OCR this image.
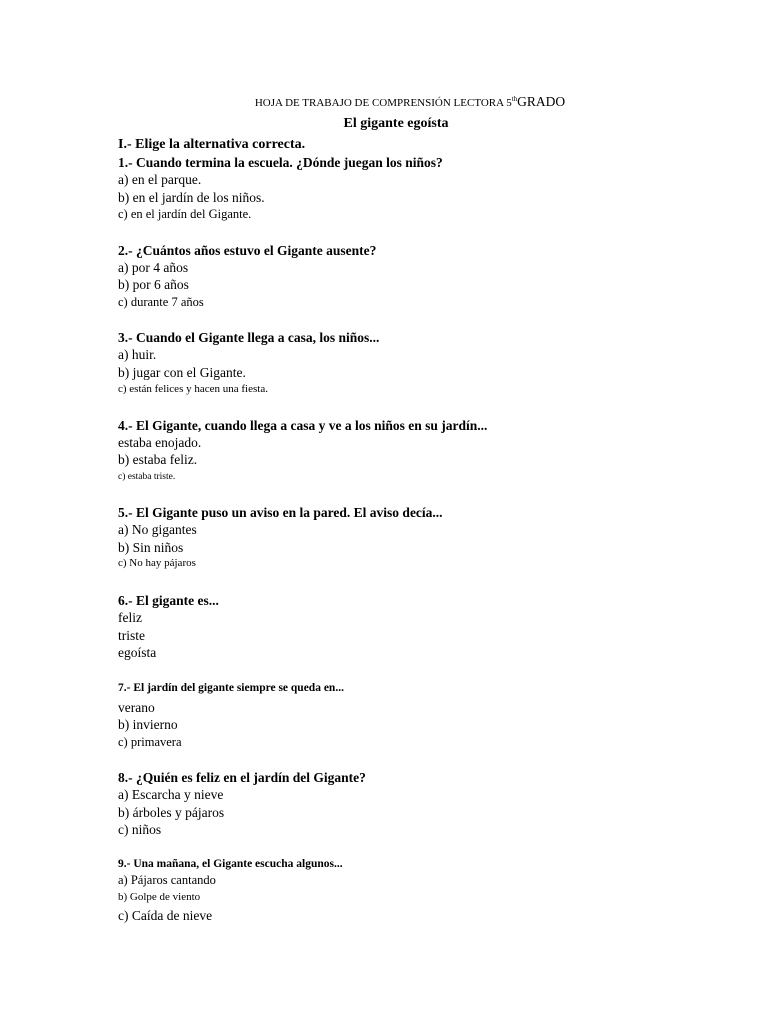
HOJA DE TRABAJO DE COMPRENSIÓN LECTORA 5thGRADO
El gigante egoísta
I.- Elige la alternativa correcta.
1.- Cuando termina la escuela. ¿Dónde juegan los niños?
a) en el parque.
b) en el jardín de los niños.
c) en el jardín del Gigante.
2.- ¿Cuántos años estuvo el Gigante ausente?
a) por 4 años
b) por 6 años
c) durante 7 años
3.- Cuando el Gigante llega a casa, los niños...
a) huir.
b) jugar con el Gigante.
c) están felices y hacen una fiesta.
4.- El Gigante, cuando llega a casa y ve a los niños en su jardín...
estaba enojado.
b) estaba feliz.
c) estaba triste.
5.- El Gigante puso un aviso en la pared. El aviso decía...
a) No gigantes
b) Sin niños
c) No hay pájaros
6.- El gigante es...
feliz
triste
egoísta
7.- El jardín del gigante siempre se queda en...
verano
b) invierno
c) primavera
8.- ¿Quién es feliz en el jardín del Gigante?
a) Escarcha y nieve
b) árboles y pájaros
c) niños
9.- Una mañana, el Gigante escucha algunos...
a) Pájaros cantando
b) Golpe de viento
c) Caída de nieve
